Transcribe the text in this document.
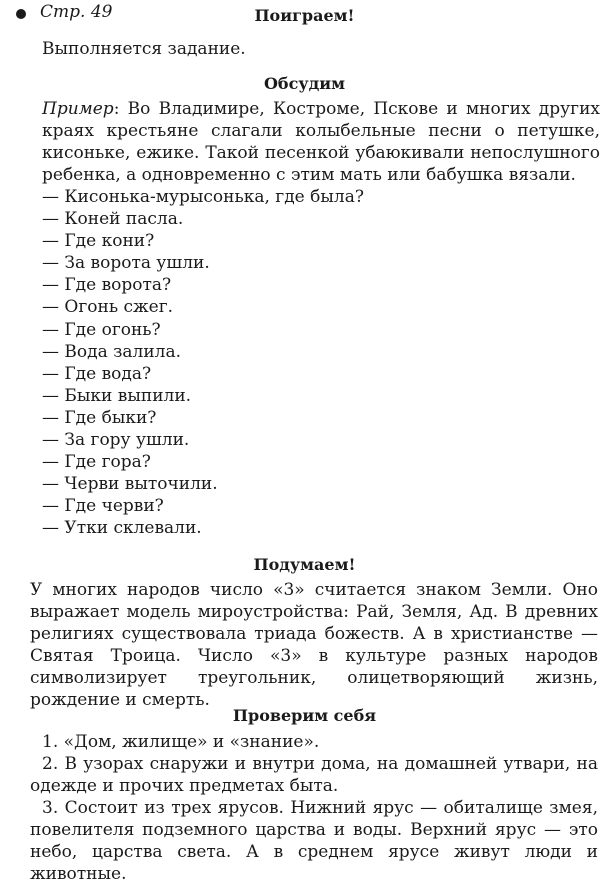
Стр. 49	Поиграем!
Выполняется задание.
Обсудим
Пример: Во Владимире, Костроме, Пскове и многих других краях крестьяне слагали колыбельные песни о петушке, кисоньке, ежике. Такой песенкой убаюкивали непослушного ребенка, а одновременно с этим мать или бабушка вязали.
— Кисонька-мурысонька, где была?
— Коней пасла.
— Где кони?
— За ворота ушли.
— Где ворота?
— Огонь сжег.
— Где огонь?
— Вода залила.
— Где вода?
— Быки выпили.
— Где быки?
— За гору ушли.
— Где гора?
— Черви выточили.
— Где черви?
— Утки склевали.
Подумаем!
У многих народов число «3» считается знаком Земли. Оно выражает модель мироустройства: Рай, Земля, Ад. В древних религиях существовала триада божеств. А в христианстве — Святая Троица. Число «3» в культуре разных народов символизирует треугольник, олицетворяющий жизнь, рождение и смерть.
Проверим себя
1. «Дом, жилище» и «знание».
2. В узорах снаружи и внутри дома, на домашней утвари, на одежде и прочих предметах быта.
3. Состоит из трех ярусов. Нижний ярус — обиталище змея, повелителя подземного царства и воды. Верхний ярус — это небо, царства света. А в среднем ярусе живут люди и животные.
